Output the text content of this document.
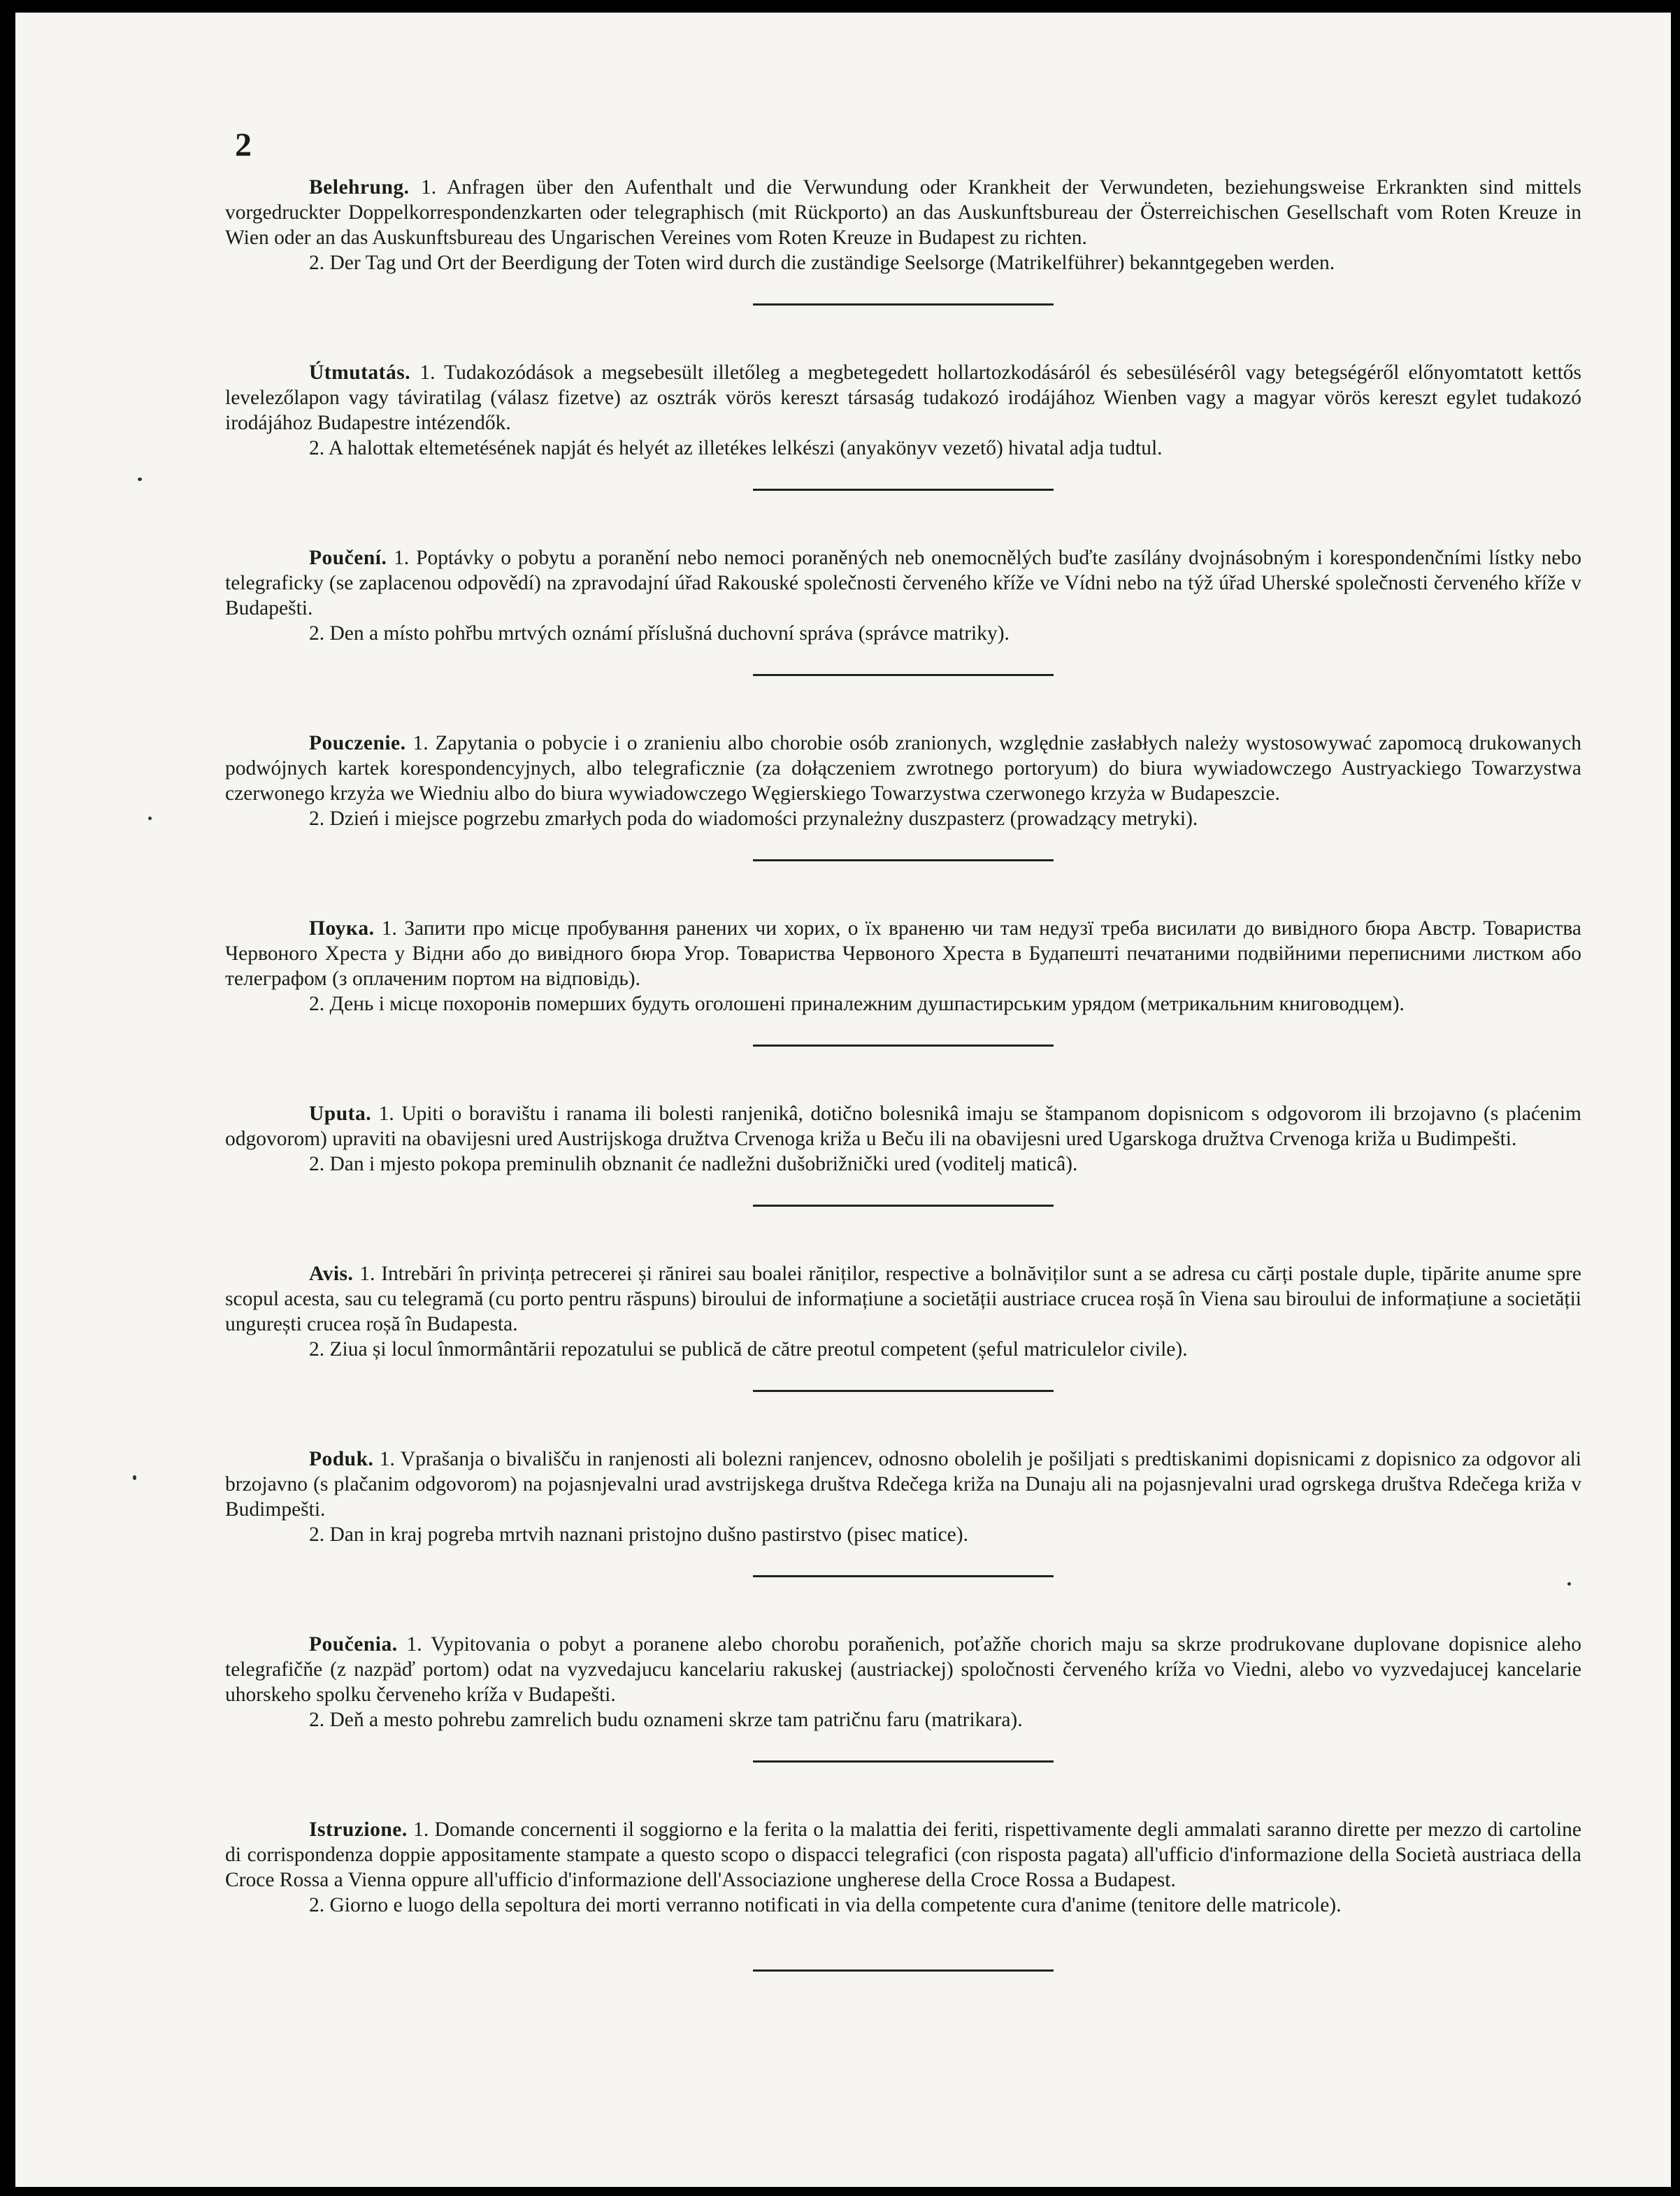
2

Belehrung. 1. Anfragen über den Aufenthalt und die Verwundung oder Krankheit der Verwundeten, beziehungsweise Erkrankten sind mittels vorgedruckter Doppelkorrespondenzkarten oder telegraphisch (mit Rückporto) an das Auskunftsbureau der Österreichischen Gesellschaft vom Roten Kreuze in Wien oder an das Auskunftsbureau des Ungarischen Vereines vom Roten Kreuze in Budapest zu richten.

2. Der Tag und Ort der Beerdigung der Toten wird durch die zuständige Seelsorge (Matrikelführer) bekanntgegeben werden.

Útmutatás. 1. Tudakozódások a megsebesült illetőleg a megbetegedett hollartozkodásáról és sebesülésérôl vagy betegségéről előnyomtatott kettős levelezőlapon vagy táviratilag (válasz fizetve) az osztrák vörös kereszt társaság tudakozó irodájához Wienben vagy a magyar vörös kereszt egylet tudakozó irodájához Budapestre intézendők.

2. A halottak eltemetésének napját és helyét az illetékes lelkészi (anyakönyv vezető) hivatal adja tudtul.

Poučení. 1. Poptávky o pobytu a poranění nebo nemoci poraněných neb onemocnělých buďte zasílány dvojnásobným i korespondenčními lístky nebo telegraficky (se zaplacenou odpovědí) na zpravodajní úřad Rakouské společnosti červeného kříže ve Vídni nebo na týž úřad Uherské společnosti červeného kříže v Budapešti.

2. Den a místo pohřbu mrtvých oznámí příslušná duchovní správa (správce matriky).

Pouczenie. 1. Zapytania o pobycie i o zranieniu albo chorobie osób zranionych, względnie zasłabłych należy wystosowywać zapomocą drukowanych podwójnych kartek korespondencyjnych, albo telegraficznie (za dołączeniem zwrotnego portoryum) do biura wywiadowczego Austryackiego Towarzystwa czerwonego krzyża we Wiedniu albo do biura wywiadowczego Węgierskiego Towarzystwa czerwonego krzyża w Budapeszcie.

2. Dzień i miejsce pogrzebu zmarłych poda do wiadomości przynależny duszpasterz (prowadzący metryki).

Поукa. 1. Запити про місце пробування ранених чи хорих, о їх враненю чи там недузї треба висилати до вивідного бюра Австр. Товариства Червоного Хреста у Відни або до вивідного бюра Угор. Товариства Червоного Хреста в Будапешті печатаними подвійними переписними листком або телеграфом (з оплаченим портом на відповідь).

2. День і місце похоронів померших будуть оголошені приналежним душпастирським урядом (метрикальним книговодцем).

Uputa. 1. Upiti o boravištu i ranama ili bolesti ranjenikâ, dotično bolesnikâ imaju se štampanom dopisnicom s odgovorom ili brzojavno (s plaćenim odgovorom) upraviti na obavijesni ured Austrijskoga družtva Crvenoga križa u Beču ili na obavijesni ured Ugarskoga družtva Crvenoga križa u Budimpešti.

2. Dan i mjesto pokopa preminulih obznanit će nadležni dušobrižnički ured (voditelj maticâ).

Avis. 1. Intrebări în privința petrecerei și rănirei sau boalei răniților, respective a bolnăviților sunt a se adresa cu cărți postale duple, tipărite anume spre scopul acesta, sau cu telegramă (cu porto pentru răspuns) biroului de informațiune a societății austriace crucea roșă în Viena sau biroului de informațiune a societății ungurești crucea roșă în Budapesta.

2. Ziua și locul înmormântării repozatului se publică de către preotul competent (șeful matriculelor civile).

Poduk. 1. Vprašanja o bivališču in ranjenosti ali bolezni ranjencev, odnosno obolelih je pošiljati s predtiskanimi dopisnicami z dopisnico za odgovor ali brzojavno (s plačanim odgovorom) na pojasnjevalni urad avstrijskega društva Rdečega križa na Dunaju ali na pojasnjevalni urad ogrskega društva Rdečega križa v Budimpešti.

2. Dan in kraj pogreba mrtvih naznani pristojno dušno pastirstvo (pisec matice).

Poučenia. 1. Vypitovania o pobyt a poranene alebo chorobu poraňenich, poťažňe chorich maju sa skrze prodrukovane duplovane dopisnice aleho telegrafičňe (z nazpäď portom) odat na vyzvedajucu kancelariu rakuskej (austriackej) spoločnosti červeného kríža vo Viedni, alebo vo vyzvedajucej kancelarie uhorskeho spolku červeneho kríža v Budapešti.

2. Deň a mesto pohrebu zamrelich budu oznameni skrze tam patričnu faru (matrikara).

Istruzione. 1. Domande concernenti il soggiorno e la ferita o la malattia dei feriti, rispettivamente degli ammalati saranno dirette per mezzo di cartoline di corrispondenza doppie appositamente stampate a questo scopo o dispacci telegrafici (con risposta pagata) all'ufficio d'informazione della Società austriaca della Croce Rossa a Vienna oppure all'ufficio d'informazione dell'Associazione ungherese della Croce Rossa a Budapest.

2. Giorno e luogo della sepoltura dei morti verranno notificati in via della competente cura d'anime (tenitore delle matricole).
